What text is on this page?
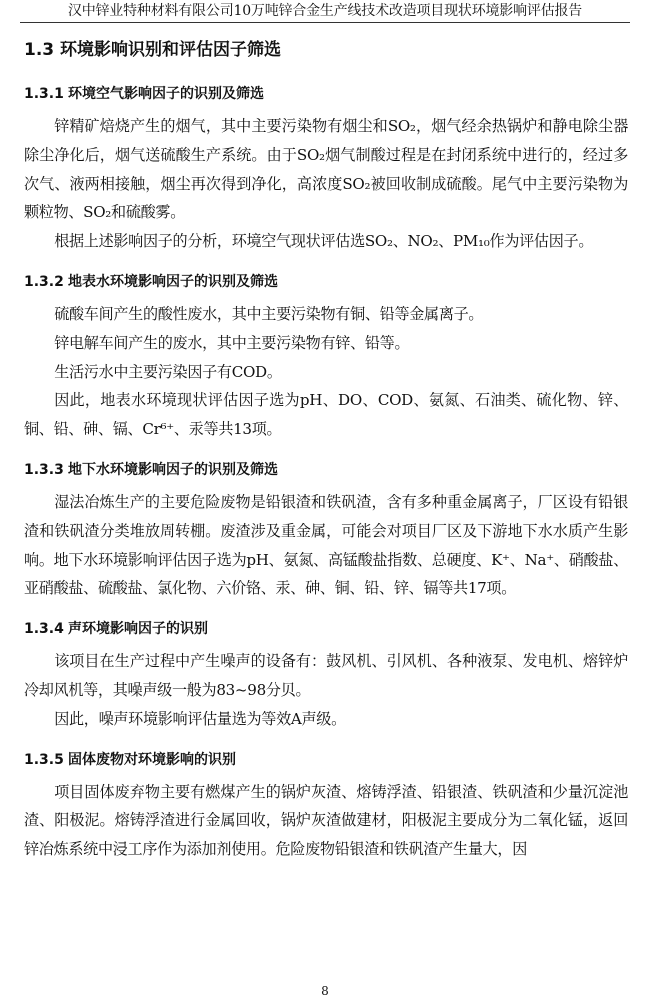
汉中锌业特种材料有限公司10万吨锌合金生产线技术改造项目现状环境影响评估报告
1.3 环境影响识别和评估因子筛选
1.3.1 环境空气影响因子的识别及筛选

锌精矿焙烧产生的烟气，其中主要污染物有烟尘和SO₂，烟气经余热锅炉和静电除尘器除尘净化后，烟气送硫酸生产系统。由于SO₂烟气制酸过程是在封闭系统中进行的，经过多次气、液两相接触，烟尘再次得到净化，高浓度SO₂被回收制成硫酸。尾气中主要污染物为颗粒物、SO₂和硫酸雾。

根据上述影响因子的分析，环境空气现状评估选SO₂、NO₂、PM₁₀作为评估因子。

1.3.2 地表水环境影响因子的识别及筛选

硫酸车间产生的酸性废水，其中主要污染物有铜、铅等金属离子。

锌电解车间产生的废水，其中主要污染物有锌、铅等。

生活污水中主要污染因子有COD。

因此，地表水环境现状评估因子选为pH、DO、COD、氨氮、石油类、硫化物、锌、铜、铅、砷、镉、Cr⁶⁺、汞等共13项。

1.3.3 地下水环境影响因子的识别及筛选

湿法冶炼生产的主要危险废物是铅银渣和铁矾渣，含有多种重金属离子，厂区设有铅银渣和铁矾渣分类堆放周转棚。废渣涉及重金属，可能会对项目厂区及下游地下水水质产生影响。地下水环境影响评估因子选为pH、氨氮、高锰酸盐指数、总硬度、K⁺、Na⁺、硝酸盐、亚硝酸盐、硫酸盐、氯化物、六价铬、汞、砷、铜、铅、锌、镉等共17项。

1.3.4 声环境影响因子的识别

该项目在生产过程中产生噪声的设备有：鼓风机、引风机、各种液泵、发电机、熔锌炉冷却风机等，其噪声级一般为83~98分贝。

因此，噪声环境影响评估量选为等效A声级。

1.3.5 固体废物对环境影响的识别

项目固体废弃物主要有燃煤产生的锅炉灰渣、熔铸浮渣、铅银渣、铁矾渣和少量沉淀池渣、阳极泥。熔铸浮渣进行金属回收，锅炉灰渣做建材，阳极泥主要成分为二氧化锰，返回锌冶炼系统中浸工序作为添加剂使用。危险废物铅银渣和铁矾渣产生量大，因

8
